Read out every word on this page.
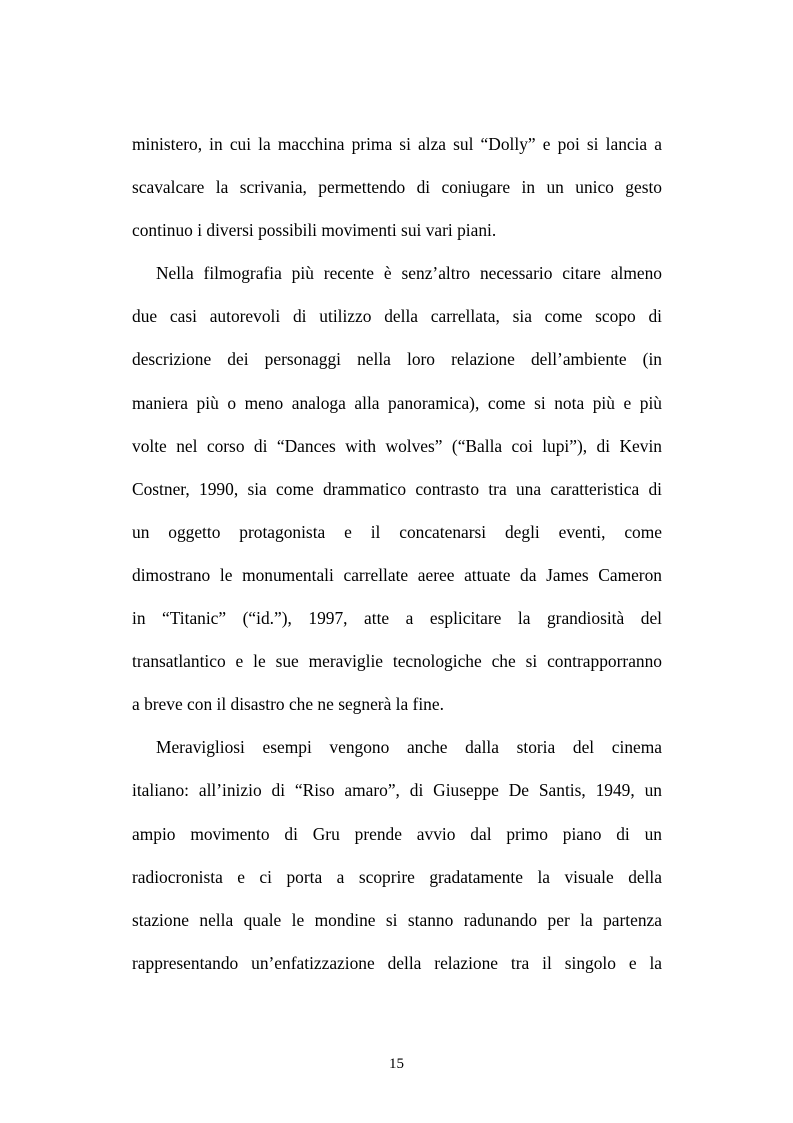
ministero, in cui la macchina prima si alza sul “Dolly” e poi si lancia a
scavalcare la scrivania, permettendo di coniugare in un unico gesto
continuo i diversi possibili movimenti sui vari piani.
Nella filmografia più recente è senz’altro necessario citare almeno
due casi autorevoli di utilizzo della carrellata, sia come scopo di
descrizione dei personaggi nella loro relazione dell’ambiente (in
maniera più o meno analoga alla panoramica), come si nota più e più
volte nel corso di “Dances with wolves” (“Balla coi lupi”), di Kevin
Costner, 1990, sia come drammatico contrasto tra una caratteristica di
un oggetto protagonista e il concatenarsi degli eventi, come
dimostrano le monumentali carrellate aeree attuate da James Cameron
in “Titanic” (“id.”), 1997, atte a esplicitare la grandiosità del
transatlantico e le sue meraviglie tecnologiche che si contrapporranno
a breve con il disastro che ne segnerà la fine.
Meravigliosi esempi vengono anche dalla storia del cinema
italiano: all’inizio di “Riso amaro”, di Giuseppe De Santis, 1949, un
ampio movimento di Gru prende avvio dal primo piano di un
radiocronista e ci porta a scoprire gradatamente la visuale della
stazione nella quale le mondine si stanno radunando per la partenza
rappresentando un’enfatizzazione della relazione tra il singolo e la
15
